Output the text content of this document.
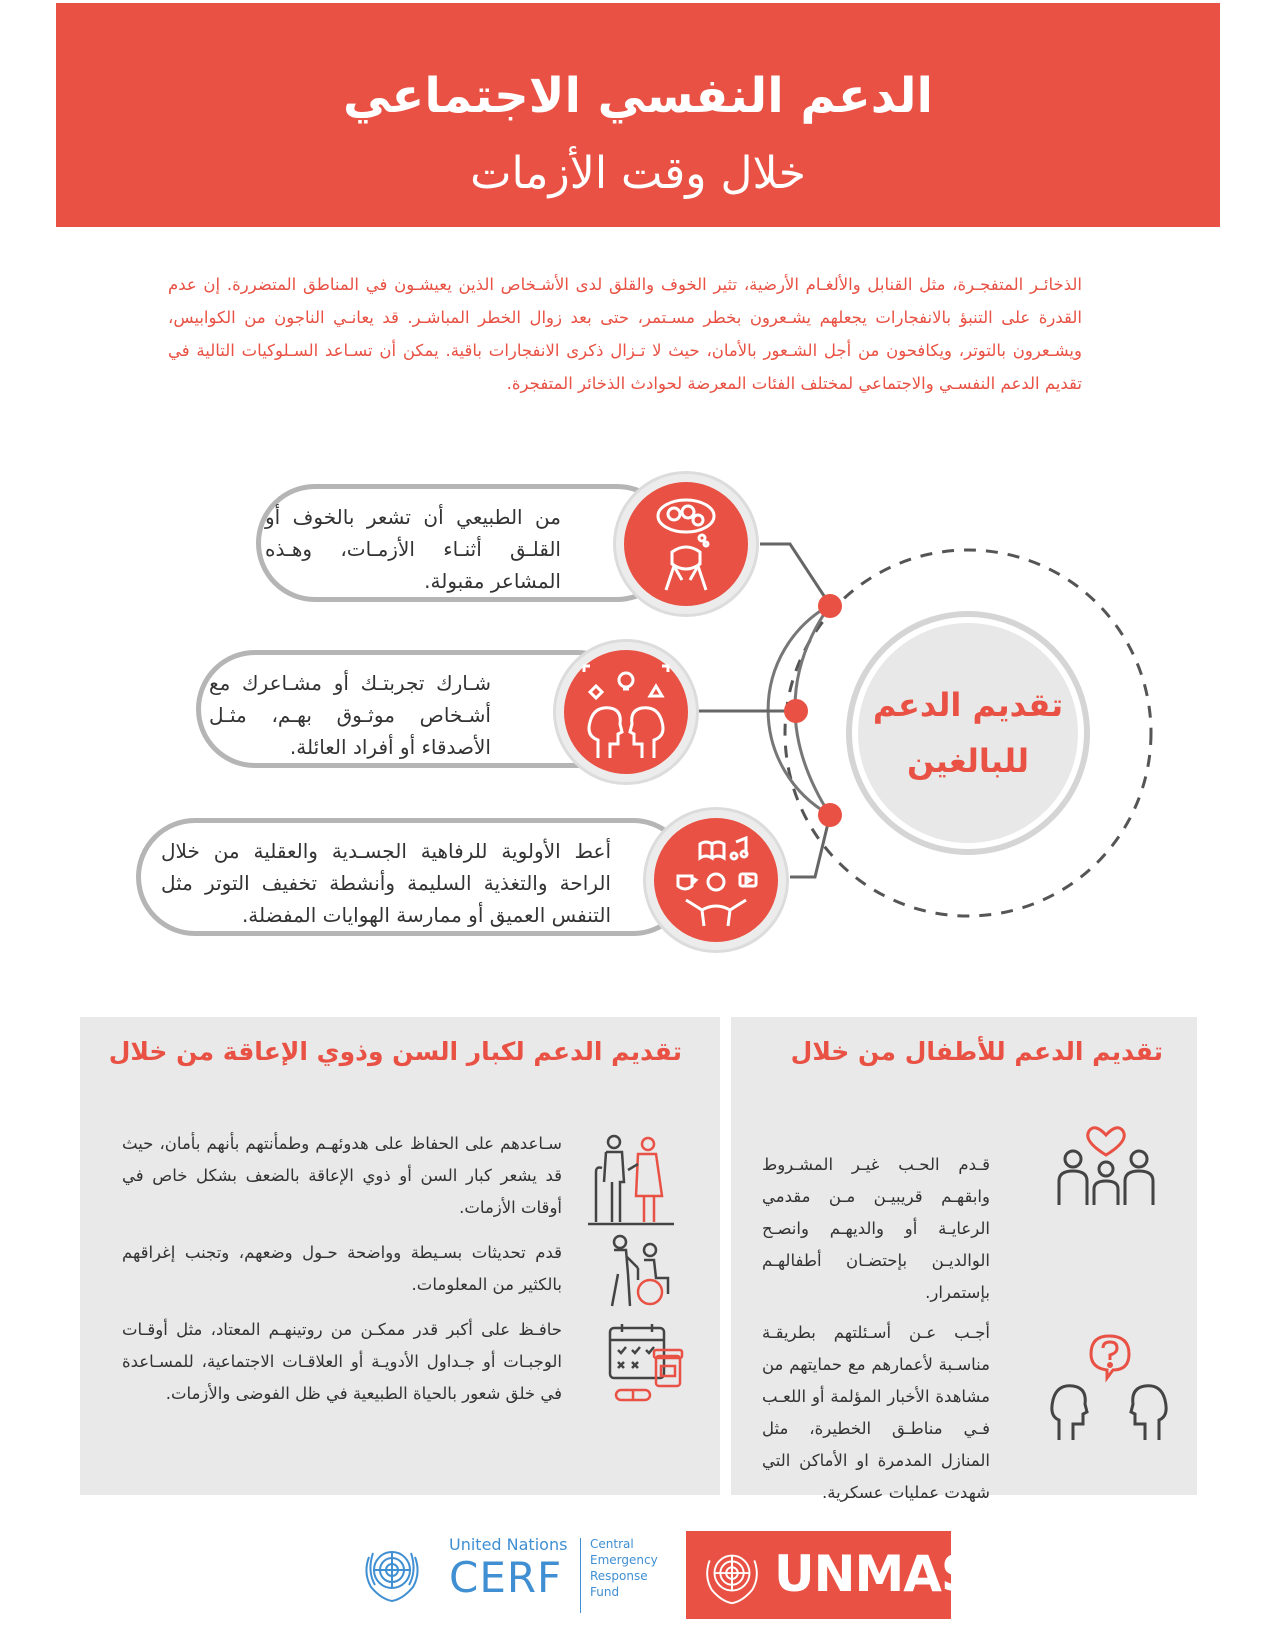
الدعم النفسي الاجتماعي
خلال وقت الأزمات

الذخائـر المتفجـرة، مثل القنابل والألغـام الأرضية، تثير الخوف والقلق لدى الأشـخاص الذين يعيشـون في المناطق المتضررة. إن عدم القدرة على التنبؤ بالانفجارات يجعلهم يشـعرون بخطر مسـتمر، حتى بعد زوال الخطر المباشـر. قد يعانـي الناجون من الكوابيس، ويشـعرون بالتوتر، ويكافحون من أجل الشـعور بالأمان، حيث لا تـزال ذكرى الانفجارات باقية. يمكن أن تسـاعد السـلوكيات التالية في تقديم الدعم النفسـي والاجتماعي لمختلف الفئات المعرضة لحوادث الذخائر المتفجرة.

تقديم الدعم
للبالغين
من الطبيعي أن تشعر بالخوف أو القلـق أثنـاء الأزمـات، وهـذه المشاعر مقبولة.
شـارك تجربتـك أو مشـاعرك مع أشـخاص موثـوق بهـم، مثـل الأصدقاء أو أفراد العائلة.
أعط الأولوية للرفاهية الجسـدية والعقلية من خلال الراحة والتغذية السليمة وأنشطة تخفيف التوتر مثل التنفس العميق أو ممارسة الهوايات المفضلة.
تقديم الدعم للأطفال من خلال
قـدم الحـب غيـر المشـروط وابقهـم قريبيـن مـن مقدمي الرعايـة أو والديهـم وانصـح الوالديـن بإحتضـان أطفالهـم بإستمرار.
أجـب عـن أسـئلتهم بطريقـة مناسـبة لأعمارهم مع حمايتهم من مشاهدة الأخبار المؤلمة أو اللعـب فـي مناطـق الخطيرة، مثل المنازل المدمرة او الأماكن التي شهدت عمليات عسكرية.
تقديم الدعم لكبار السن وذوي الإعاقة من خلال
سـاعدهم على الحفاظ على هدوئهـم وطمأنتهم بأنهم بأمان، حيث قد يشعر كبار السن أو ذوي الإعاقة بالضعف بشكل خاص في أوقات الأزمات.
قدم تحديثات بسـيطة وواضحة حـول وضعهم، وتجنب إغراقهم بالكثير من المعلومات.
حافـظ على أكبر قدر ممكـن من روتينهـم المعتاد، مثل أوقـات الوجبـات أو جـداول الأدويـة أو العلاقـات الاجتماعية، للمسـاعدة في خلق شعور بالحياة الطبيعية في ظل الفوضى والأزمات.
United Nations
CERF
Central
Emergency
Response
Fund	UNMAS
